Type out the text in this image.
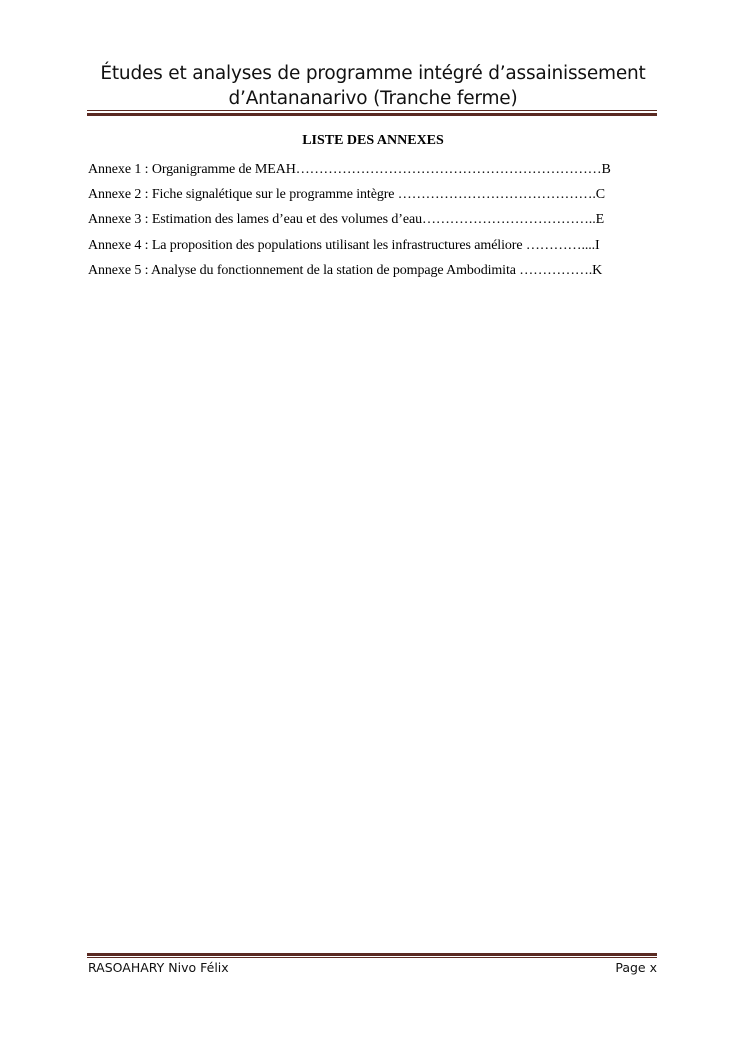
Études et analyses de programme intégré d’assainissement
d’Antananarivo (Tranche ferme)
LISTE DES ANNEXES
Annexe 1 : Organigramme de MEAH…………………………………………………………B
Annexe 2 : Fiche signalétique sur le programme intègre …………………………………….C
Annexe 3 : Estimation des lames d’eau et des volumes d’eau………………………………..E
Annexe 4 : La proposition des populations utilisant les infrastructures améliore …………....I
Annexe 5 : Analyse du fonctionnement de la station de pompage Ambodimita …………….K
RASOAHARY Nivo Félix	Page x
